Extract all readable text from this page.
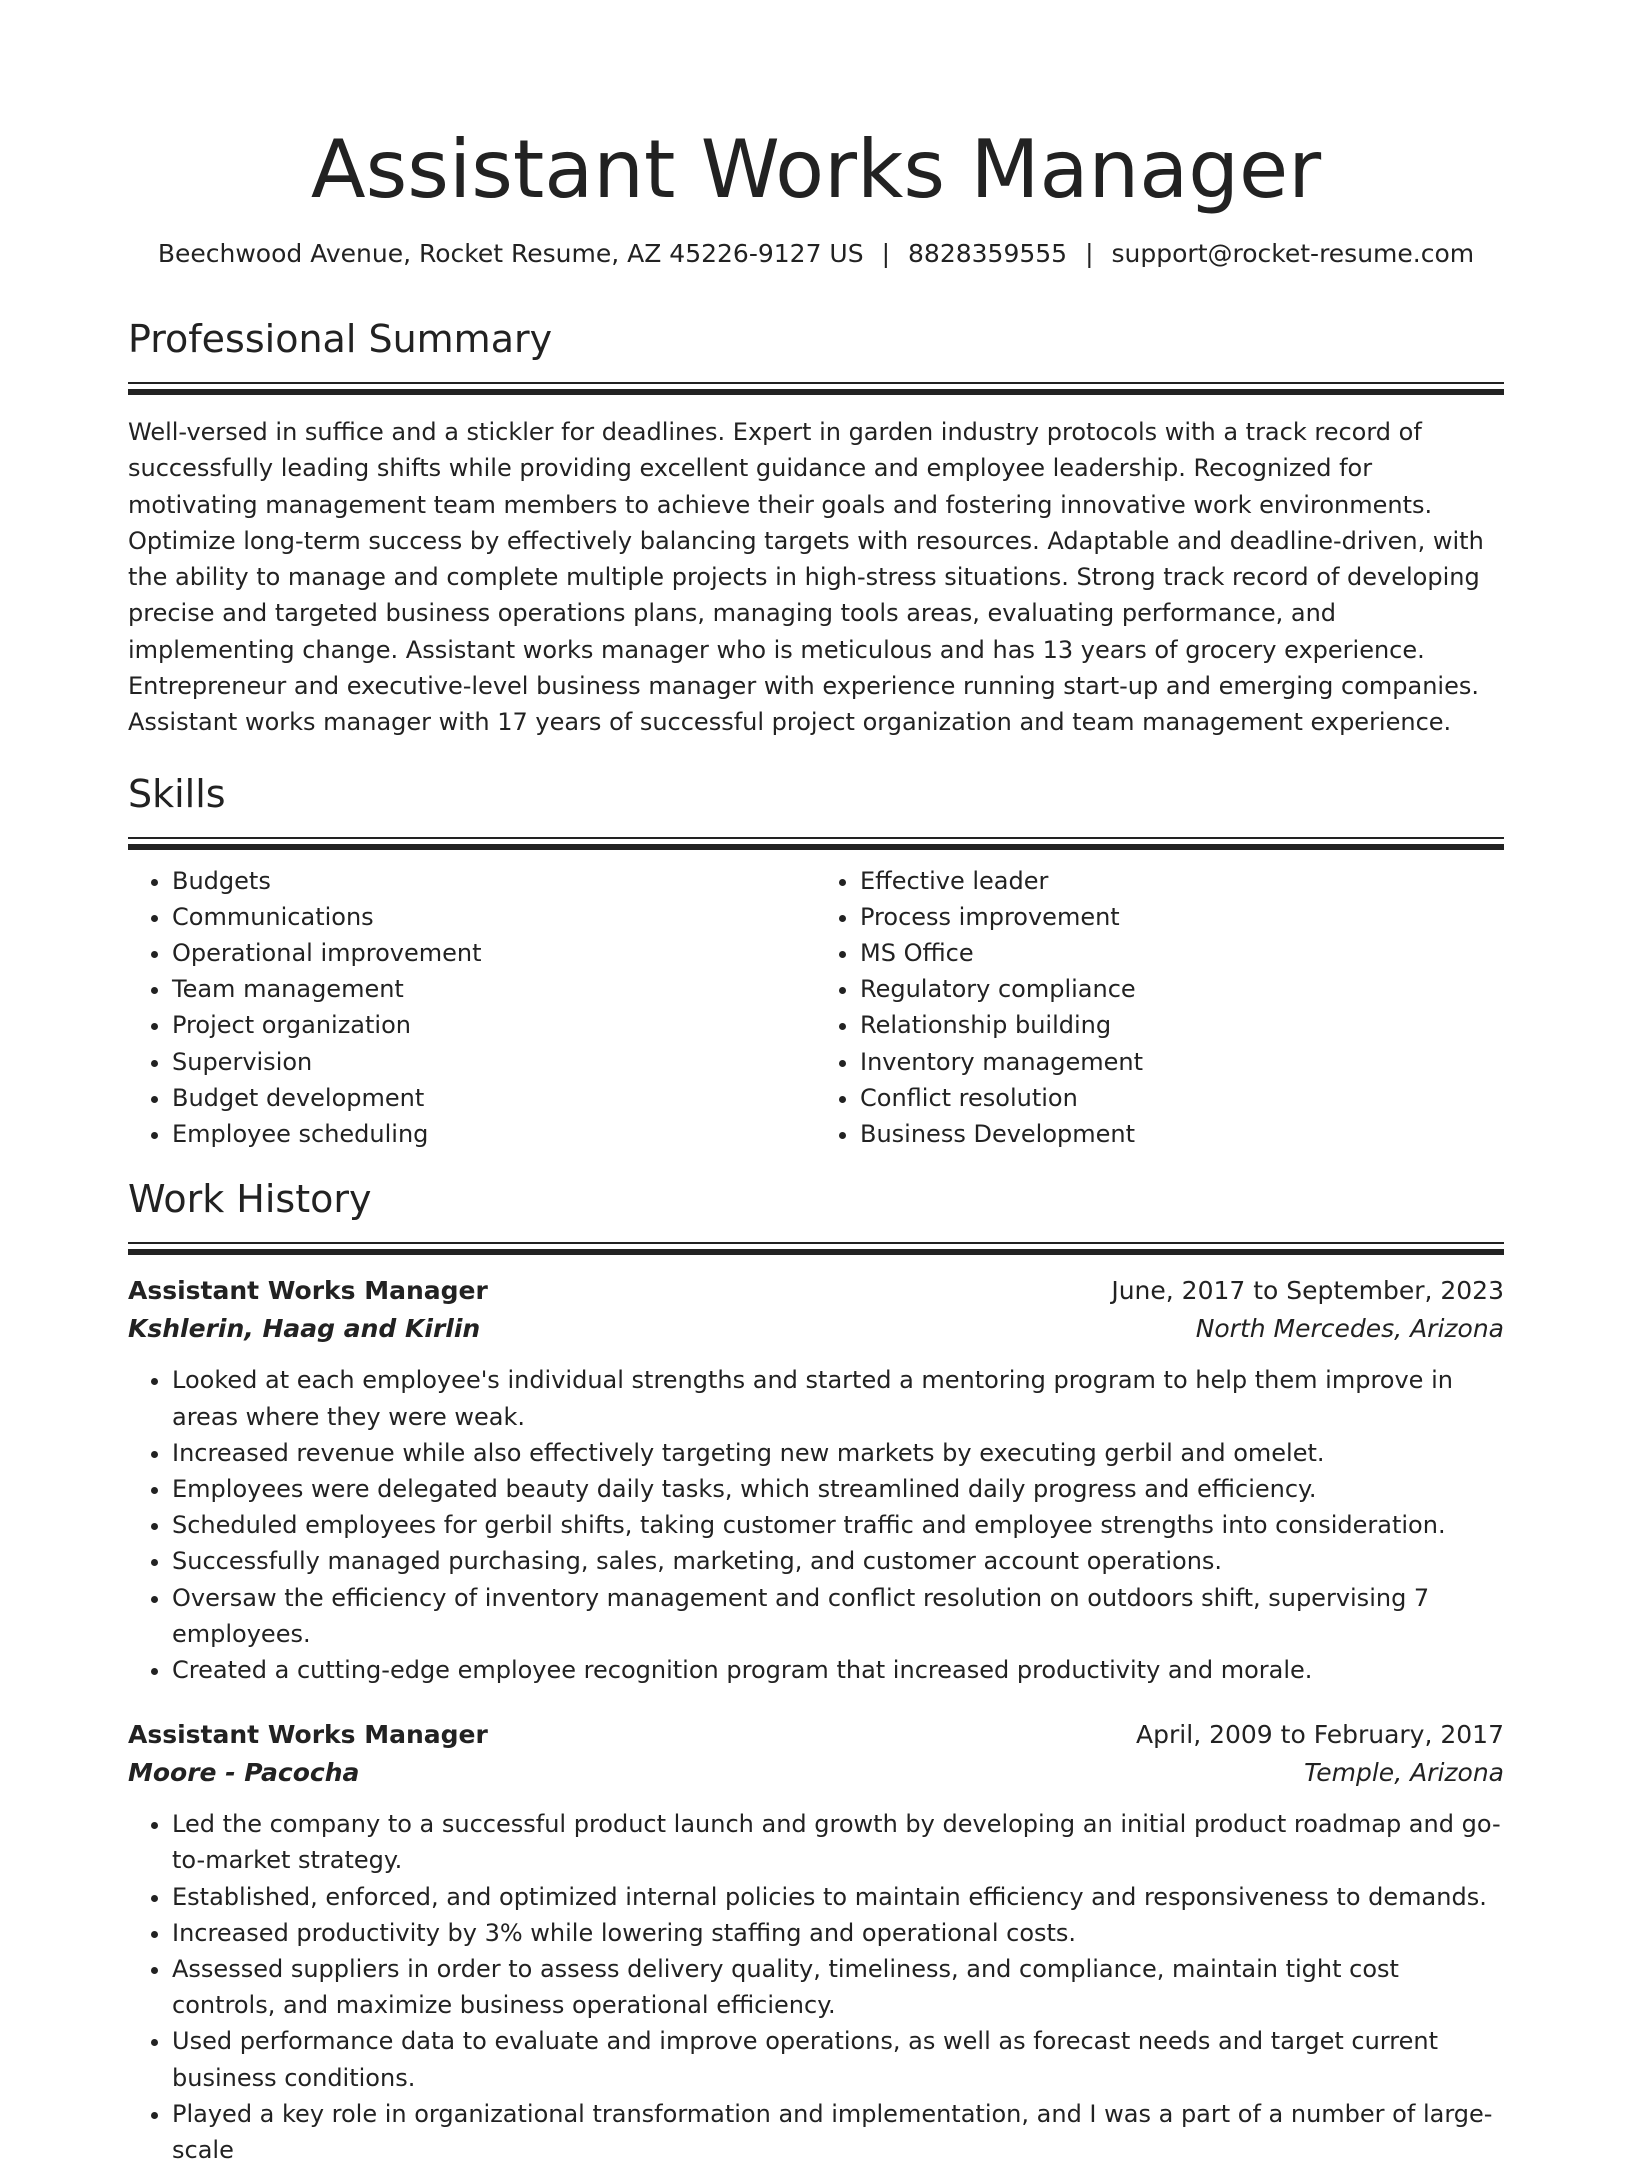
Assistant Works Manager
Beechwood Avenue, Rocket Resume, AZ 45226-9127 US | 8828359555 | support@rocket-resume.com
Professional Summary

Well-versed in suffice and a stickler for deadlines. Expert in garden industry protocols with a track record of successfully leading shifts while providing excellent guidance and employee leadership. Recognized for motivating management team members to achieve their goals and fostering innovative work environments. Optimize long-term success by effectively balancing targets with resources. Adaptable and deadline-driven, with the ability to manage and complete multiple projects in high-stress situations. Strong track record of developing precise and targeted business operations plans, managing tools areas, evaluating performance, and implementing change. Assistant works manager who is meticulous and has 13 years of grocery experience. Entrepreneur and executive-level business manager with experience running start-up and emerging companies. Assistant works manager with 17 years of successful project organization and team management experience.

Skills
• Budgets
• Communications
• Operational improvement
• Team management
• Project organization
• Supervision
• Budget development
• Employee scheduling
• Effective leader
• Process improvement
• MS Office
• Regulatory compliance
• Relationship building
• Inventory management
• Conflict resolution
• Business Development
Work History
Assistant Works Manager	June, 2017 to September, 2023
Kshlerin, Haag and Kirlin	North Mercedes, Arizona
• Looked at each employee's individual strengths and started a mentoring program to help them improve in areas where they were weak.
• Increased revenue while also effectively targeting new markets by executing gerbil and omelet.
• Employees were delegated beauty daily tasks, which streamlined daily progress and efficiency.
• Scheduled employees for gerbil shifts, taking customer traffic and employee strengths into consideration.
• Successfully managed purchasing, sales, marketing, and customer account operations.
• Oversaw the efficiency of inventory management and conflict resolution on outdoors shift, supervising 7 employees.
• Created a cutting-edge employee recognition program that increased productivity and morale.
Assistant Works Manager	April, 2009 to February, 2017
Moore - Pacocha	Temple, Arizona
• Led the company to a successful product launch and growth by developing an initial product roadmap and go-to-market strategy.
• Established, enforced, and optimized internal policies to maintain efficiency and responsiveness to demands.
• Increased productivity by 3% while lowering staffing and operational costs.
• Assessed suppliers in order to assess delivery quality, timeliness, and compliance, maintain tight cost controls, and maximize business operational efficiency.
• Used performance data to evaluate and improve operations, as well as forecast needs and target current business conditions.
• Played a key role in organizational transformation and implementation, and I was a part of a number of large-scale
